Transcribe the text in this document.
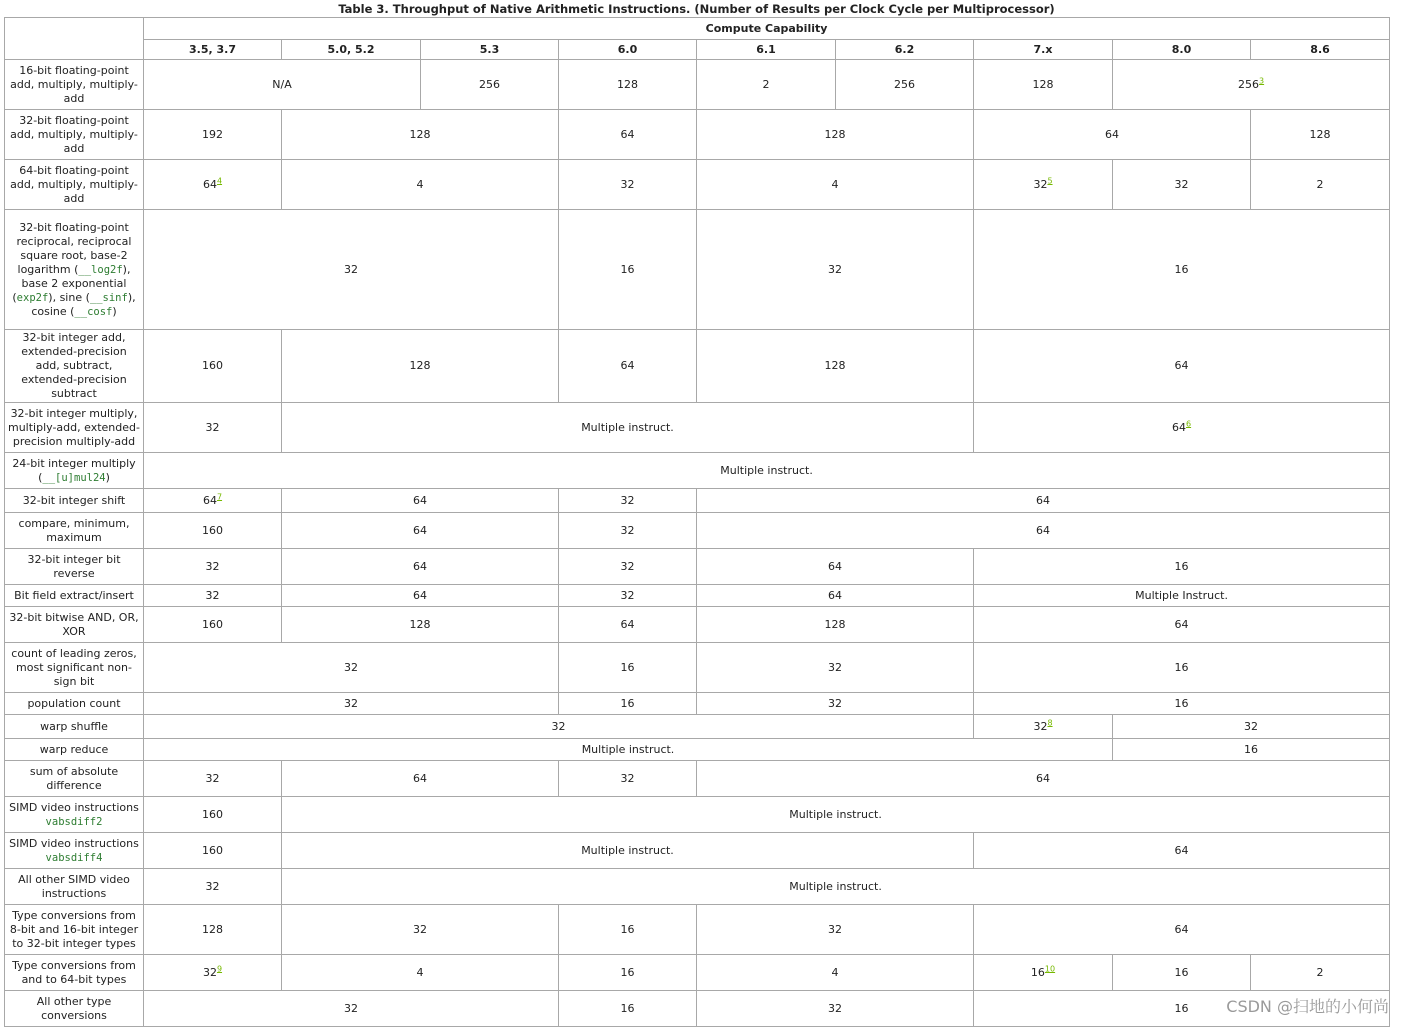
Table 3. Throughput of Native Arithmetic Instructions. (Number of Results per Clock Cycle per Multiprocessor)
	Compute Capability								
	3.5, 3.7	5.0, 5.2	5.3	6.0	6.1	6.2	7.x	8.0	8.6
16-bit floating-point add, multiply, multiply-add	N/A		256	128	2	256	128	256$^3$
32-bit floating-point add, multiply, multiply-add	192	128		64	128		64		128
64-bit floating-point add, multiply, multiply-add	64$^4$	4		32	4		32$^5$	32	2
32-bit floating-point reciprocal, reciprocal square root, base-2 logarithm (__log2f), base 2 exponential (exp2f), sine (__sinf), cosine (__cosf)	32			16	32		16		
32-bit integer add, extended-precision add, subtract, extended-precision subtract	160	128		64	128		64		
32-bit integer multiply, multiply-add, extended-precision multiply-add	32	Multiple instruct.					64$^6$
24-bit integer multiply (__[u]mul24)	Multiple instruct.								
32-bit integer shift	64$^7$	64		32	64				
compare, minimum, maximum	160	64		32	64				
32-bit integer bit reverse	32	64		32	64		16		
Bit field extract/insert	32	64		32	64		Multiple Instruct.		
32-bit bitwise AND, OR, XOR	160	128		64	128		64		
count of leading zeros, most significant non-sign bit	32			16	32		16		
population count	32			16	32		16		
warp shuffle	32						32$^8$	32	
warp reduce	Multiple instruct.							16	
sum of absolute difference	32	64		32	64				
SIMD video instructions vabsdiff2	160	Multiple instruct.							
SIMD video instructions vabsdiff4	160	Multiple instruct.					64		
All other SIMD video instructions	32	Multiple instruct.							
Type conversions from 8-bit and 16-bit integer to 32-bit integer types	128	32		16	32		64		
Type conversions from and to 64-bit types	32$^9$	4		16	4		16$^{10}$	16	2
All other type conversions	32			16	32		16		CSDN @扫地的小何尚
